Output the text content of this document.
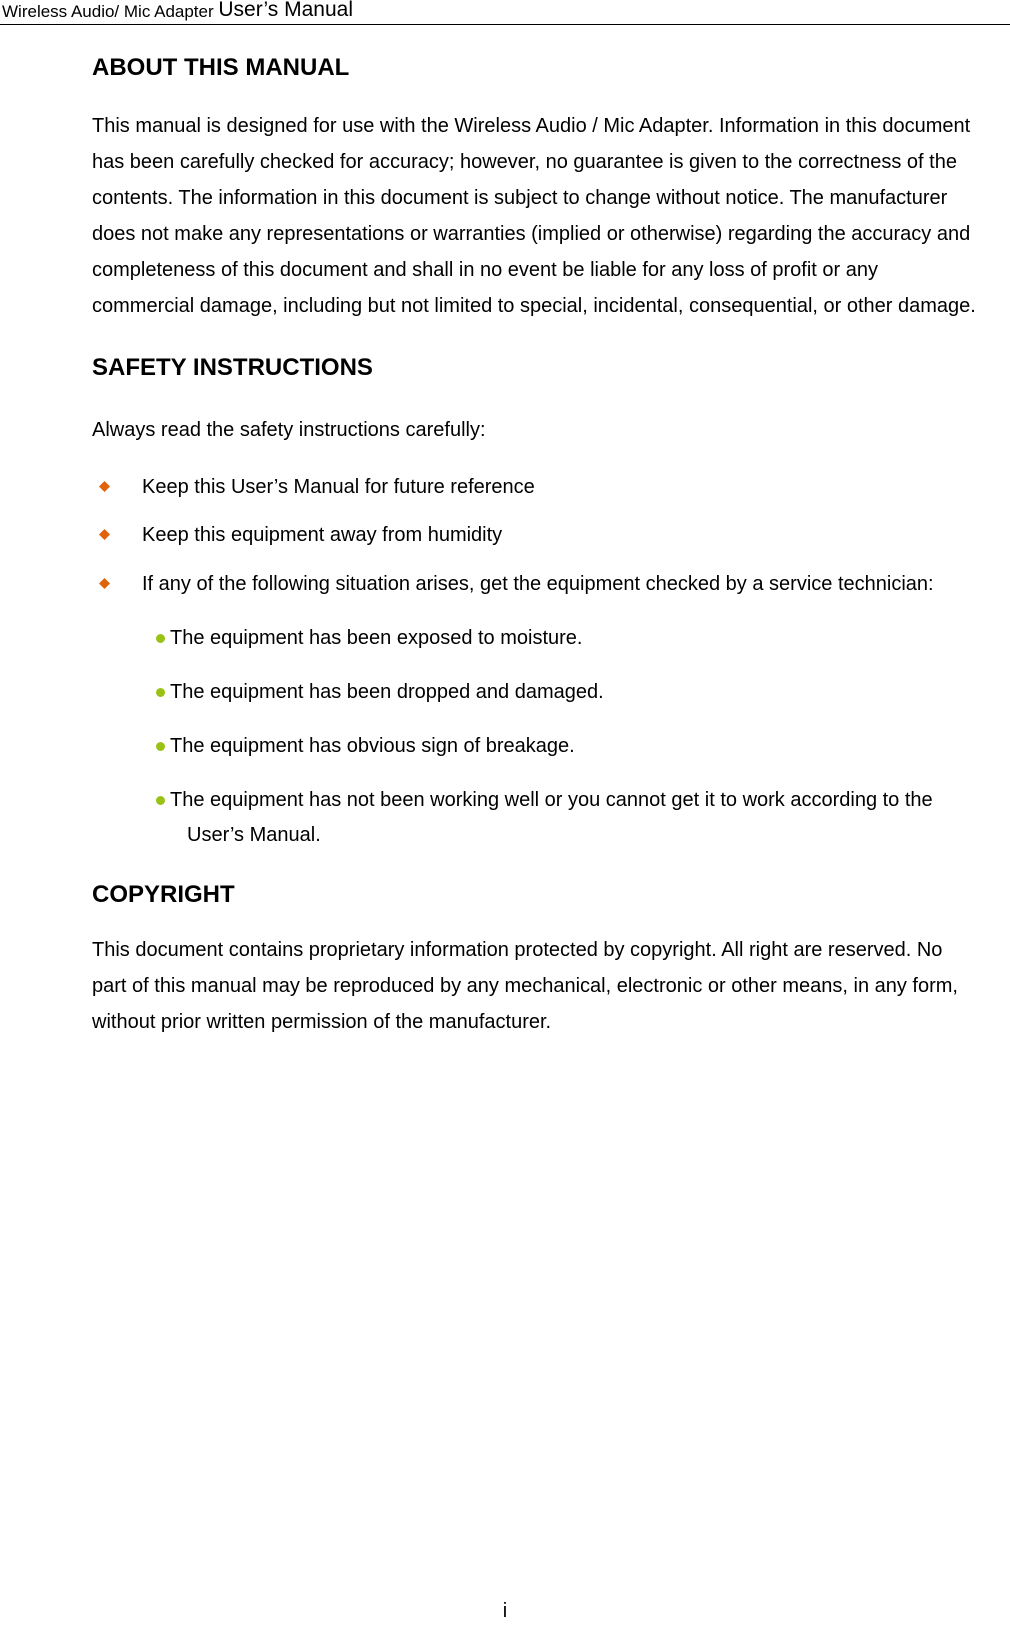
Wireless Audio/ Mic Adapter User’s Manual
ABOUT THIS MANUAL
This manual is designed for use with the Wireless Audio / Mic Adapter. Information in this document
has been carefully checked for accuracy; however, no guarantee is given to the correctness of the
contents. The information in this document is subject to change without notice. The manufacturer
does not make any representations or warranties (implied or otherwise) regarding the accuracy and
completeness of this document and shall in no event be liable for any loss of profit or any
commercial damage, including but not limited to special, incidental, consequential, or other damage.
SAFETY INSTRUCTIONS
Always read the safety instructions carefully:
Keep this User’s Manual for future reference
Keep this equipment away from humidity
If any of the following situation arises, get the equipment checked by a service technician:
The equipment has been exposed to moisture.
The equipment has been dropped and damaged.
The equipment has obvious sign of breakage.
The equipment has not been working well or you cannot get it to work according to the
User’s Manual.
COPYRIGHT
This document contains proprietary information protected by copyright. All right are reserved. No
part of this manual may be reproduced by any mechanical, electronic or other means, in any form,
without prior written permission of the manufacturer.
i
